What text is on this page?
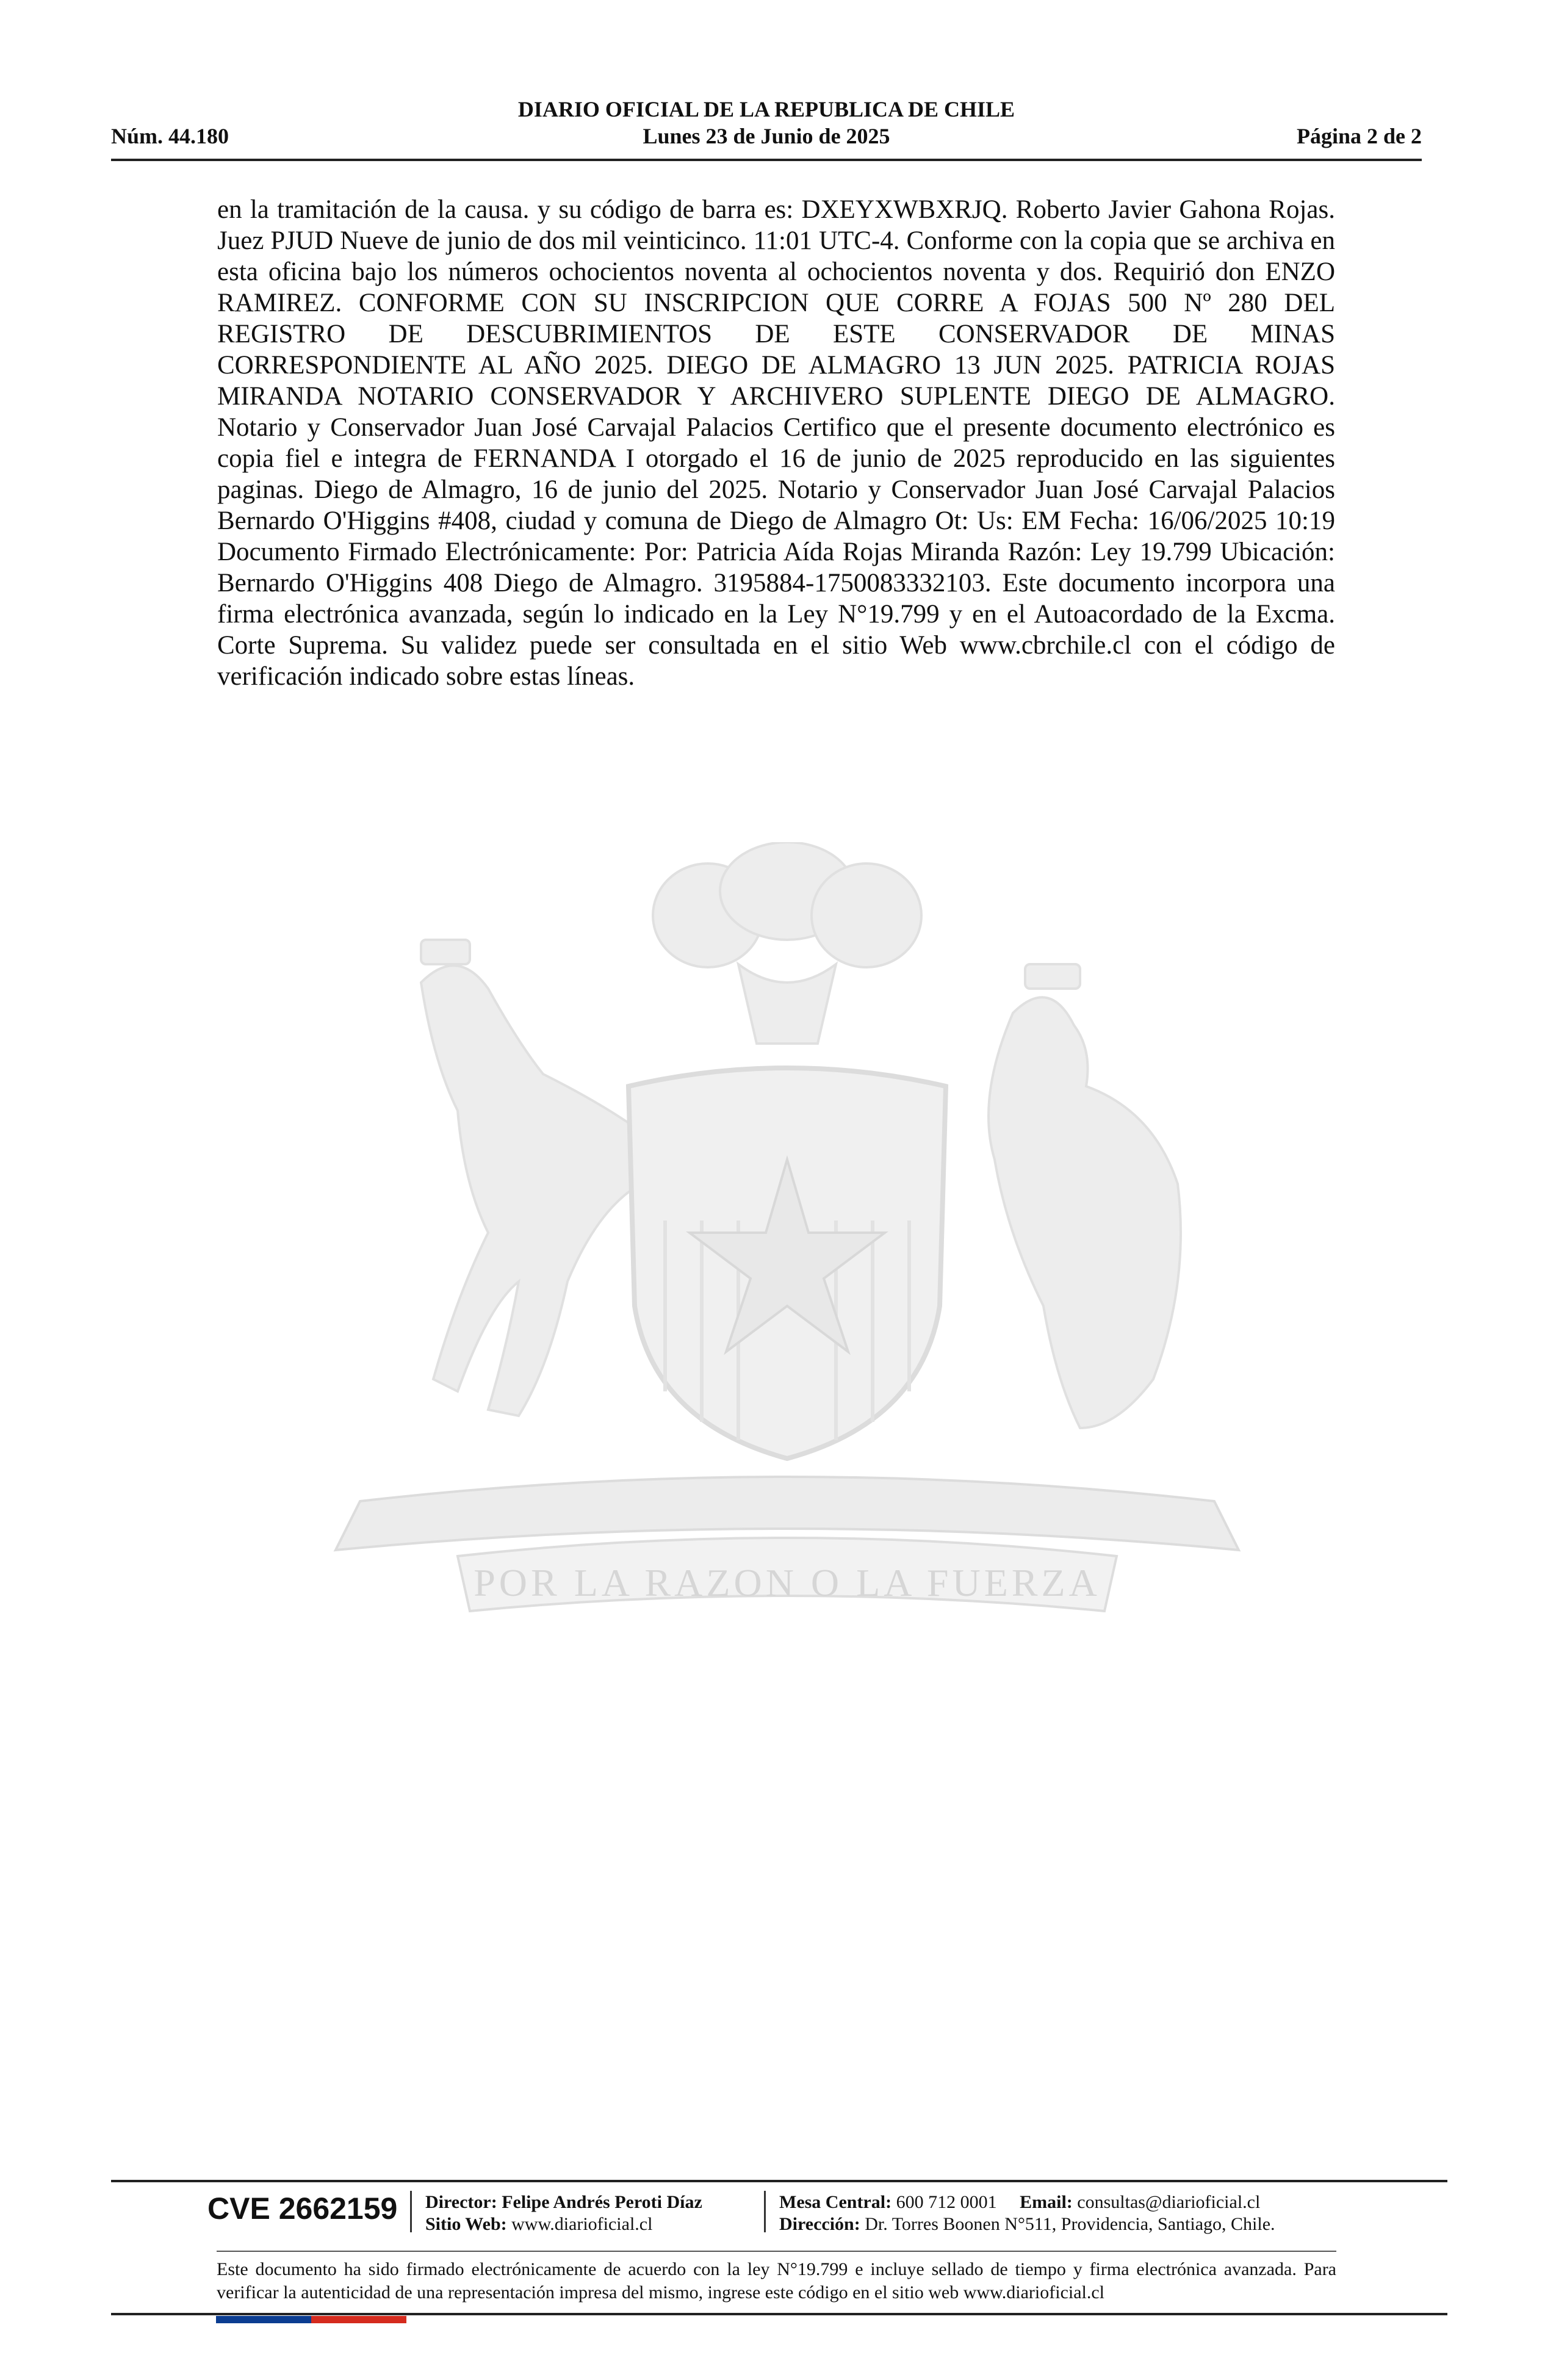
DIARIO OFICIAL DE LA REPUBLICA DE CHILE
Núm. 44.180	Lunes 23 de Junio de 2025	Página 2 de 2

en la tramitación de la causa. y su código de barra es: DXEYXWBXRJQ. Roberto Javier Gahona Rojas. Juez PJUD Nueve de junio de dos mil veinticinco. 11:01 UTC-4. Conforme con la copia que se archiva en esta oficina bajo los números ochocientos noventa al ochocientos noventa y dos. Requirió don ENZO RAMIREZ. CONFORME CON SU INSCRIPCION QUE CORRE A FOJAS 500 Nº 280 DEL REGISTRO DE DESCUBRIMIENTOS DE ESTE CONSERVADOR DE MINAS CORRESPONDIENTE AL AÑO 2025. DIEGO DE ALMAGRO 13 JUN 2025. PATRICIA ROJAS MIRANDA NOTARIO CONSERVADOR Y ARCHIVERO SUPLENTE DIEGO DE ALMAGRO. Notario y Conservador Juan José Carvajal Palacios Certifico que el presente documento electrónico es copia fiel e integra de FERNANDA I otorgado el 16 de junio de 2025 reproducido en las siguientes paginas. Diego de Almagro, 16 de junio del 2025. Notario y Conservador Juan José Carvajal Palacios Bernardo O'Higgins #408, ciudad y comuna de Diego de Almagro Ot: Us: EM Fecha: 16/06/2025 10:19 Documento Firmado Electrónicamente: Por: Patricia Aída Rojas Miranda Razón: Ley 19.799 Ubicación: Bernardo O'Higgins 408 Diego de Almagro. 3195884-1750083332103. Este documento incorpora una firma electrónica avanzada, según lo indicado en la Ley N°19.799 y en el Autoacordado de la Excma. Corte Suprema. Su validez puede ser consultada en el sitio Web www.cbrchile.cl con el código de verificación indicado sobre estas líneas.

POR LA RAZON O LA FUERZA
CVE 2662159 Director: Felipe Andrés Peroti Díaz
Sitio Web: www.diarioficial.cl
Mesa Central: 600 712 0001 Email: consultas@diarioficial.cl
Dirección: Dr. Torres Boonen N°511, Providencia, Santiago, Chile.

Este documento ha sido firmado electrónicamente de acuerdo con la ley N°19.799 e incluye sellado de tiempo y firma electrónica avanzada. Para verificar la autenticidad de una representación impresa del mismo, ingrese este código en el sitio web www.diarioficial.cl
